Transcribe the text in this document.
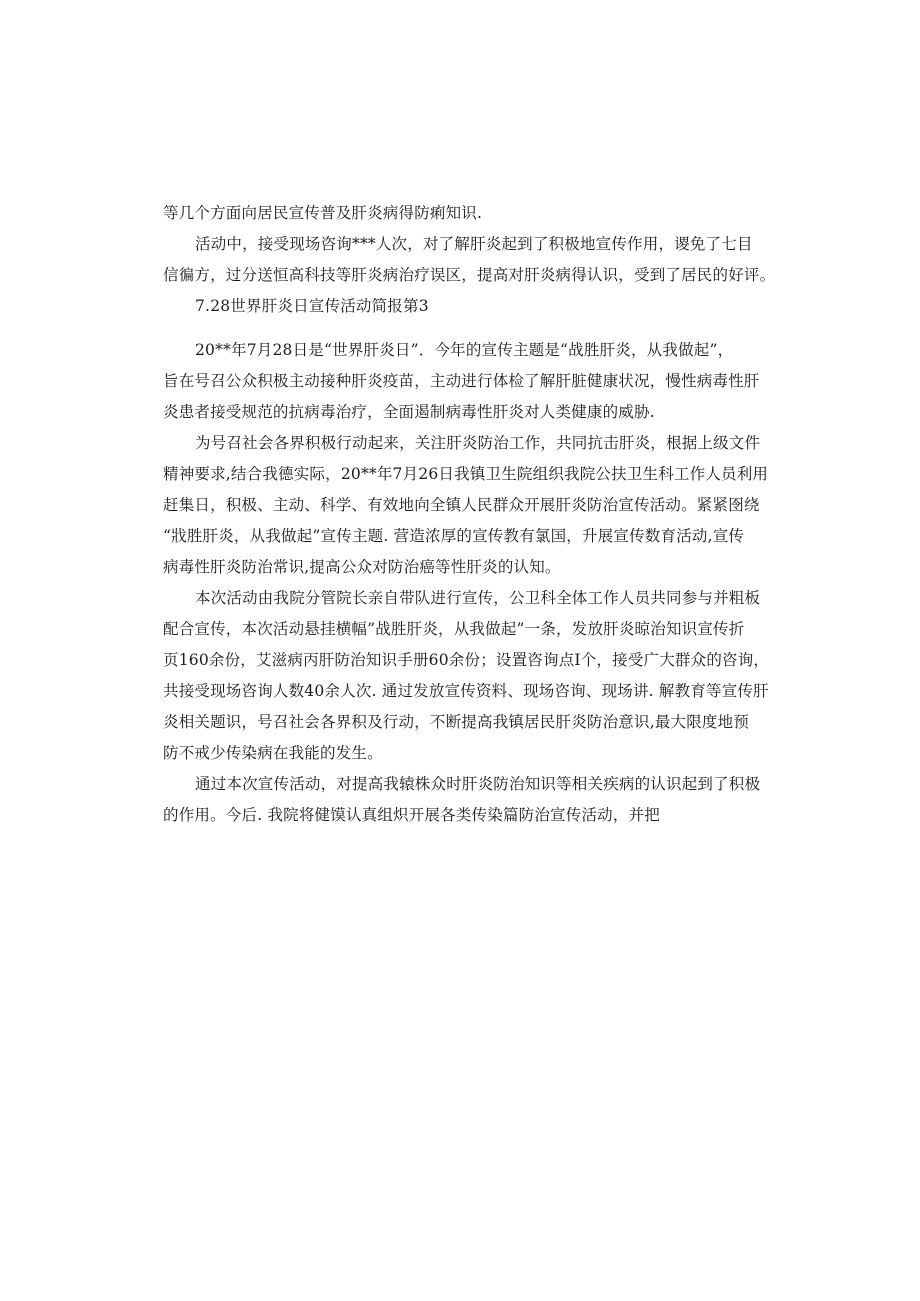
等几个方面向居民宣传普及肝炎病得防痢知识.
活动中，接受现场咨询***人次，对了解肝炎起到了积极地宣传作用，谡免了七目
信徧方，过分送恒高科技等肝炎病治疗误区，提高对肝炎病得认识，受到了居民的好评。
7.28世界肝炎日宣传活动简报第3
20**年7月28日是“世界肝炎日”．今年的宣传主题是“战胜肝炎，从我做起”，
旨在号召公众积极主动接种肝炎疫苗，主动进行体检了解肝脏健康状况，慢性病毒性肝
炎患者接受规范的抗病毒治疗，全面遏制病毒性肝炎对人类健康的威胁.
为号召社会各界积极行动起来，关注肝炎防治工作，共同抗击肝炎，根据上级文件
精神要求,结合我德实际，20**年7月26日我镇卫生院组织我院公扶卫生科工作人员利用
赶集日，积极、主动、科学、有效地向全镇人民群众开展肝炎防治宣传活动。紧紧囹绕
“戕胜肝炎，从我做起”宣传主题. 营造浓厚的宣传教有氯国，升展宣传数育活动,宣传
病毒性肝炎防治常识,提高公众对防治癌等性肝炎的认知。
本次活动由我院分管院长亲自带队进行宣传，公卫科全体工作人员共同参与并粗板
配合宣传，本次活动悬挂横幅”战胜肝炎，从我做起”一条，发放肝炎晾治知识宣传折
页160余份，艾滋病丙肝防治知识手册60余份；设置咨询点I个，接受广大群众的咨询，
共接受现场咨询人数40余人次. 通过发放宣传资料、现场咨询、现场讲. 解教育等宣传肝
炎相关题识，号召社会各界积及行动，不断提高我镇居民肝炎防治意识,最大限度地预
防不戒少传染病在我能的发生。
通过本次宣传活动，对提高我辕株众时肝炎防治知识等相关疾病的认识起到了积极
的作用。今后. 我院将健馍认真组炽开展各类传染篇防治宣传活动，并把
